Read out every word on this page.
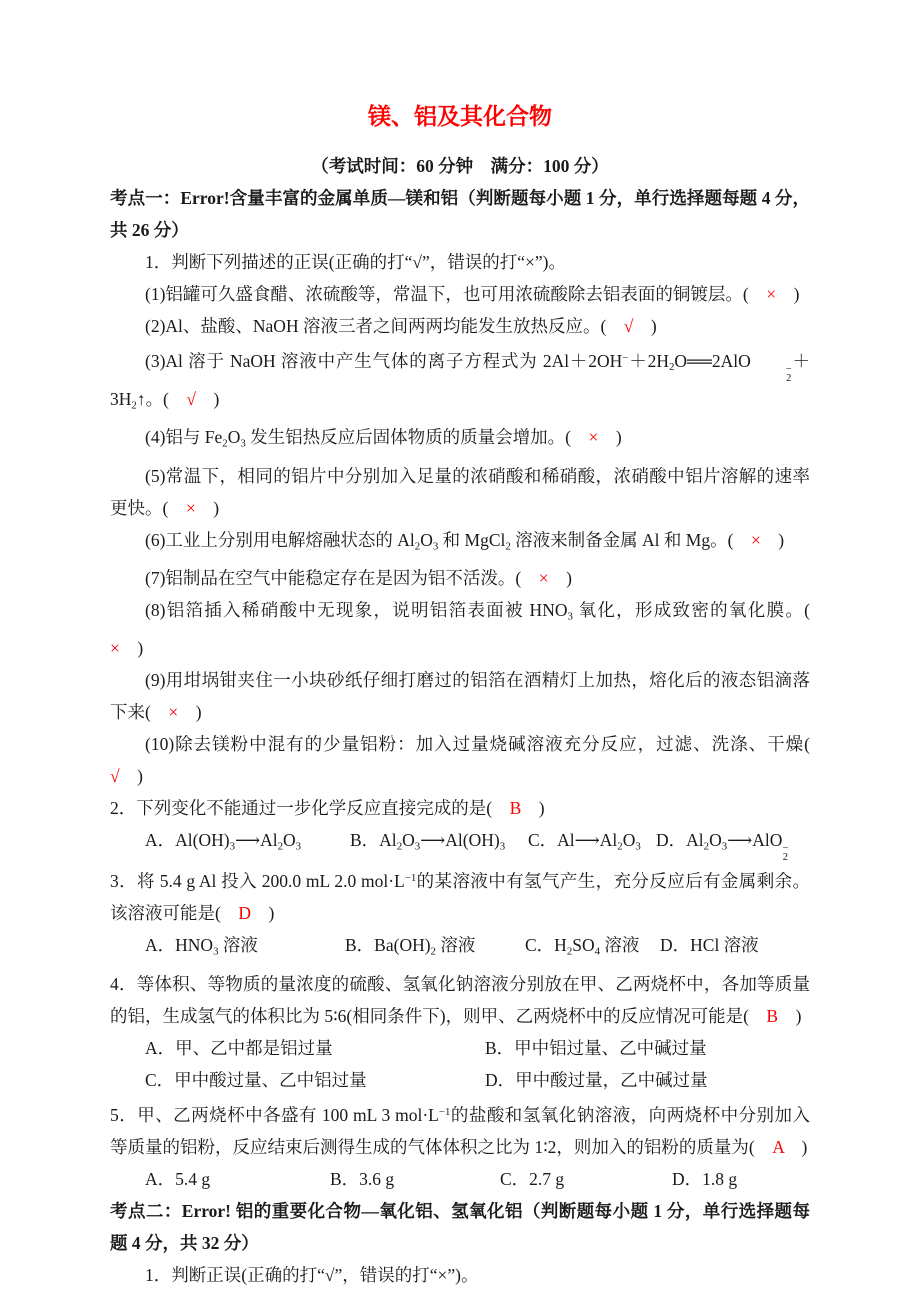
镁、铝及其化合物

（考试时间：60 分钟　满分：100 分）

考点一：Error!含量丰富的金属单质—镁和铝（判断题每小题 1 分，单行选择题每题 4 分，共 26 分）

1．判断下列描述的正误(正确的打“√”，错误的打“×”)。

(1)铝罐可久盛食醋、浓硫酸等，常温下，也可用浓硫酸除去铝表面的铜镀层。(　×　)

(2)Al、盐酸、NaOH 溶液三者之间两两均能发生放热反应。(　√　)

(3)Al 溶于 NaOH 溶液中产生气体的离子方程式为 $2Al+2OH^-+2H_2O══2AlO$	−
2
$+3H_2↑$。(　√　)

(4)铝与 $Fe_2O_3$ 发生铝热反应后固体物质的质量会增加。(　×　)

(5)常温下，相同的铝片中分别加入足量的浓硝酸和稀硝酸，浓硝酸中铝片溶解的速率更快。(　×　)

(6)工业上分别用电解熔融状态的 $Al_2O_3$ 和 MgCl$_2$ 溶液来制备金属 Al 和 Mg。(　×　)

(7)铝制品在空气中能稳定存在是因为铝不活泼。(　×　)

(8)铝箔插入稀硝酸中无现象，说明铝箔表面被 $HNO_3$ 氧化，形成致密的氧化膜。(　×　)

(9)用坩埚钳夹住一小块砂纸仔细打磨过的铝箔在酒精灯上加热，熔化后的液态铝滴落下来(　×　)

(10)除去镁粉中混有的少量铝粉：加入过量烧碱溶液充分反应，过滤、洗涤、干燥(　√　)

2．下列变化不能通过一步化学反应直接完成的是(　B　)

A．$Al(OH)_3⟶Al_2O_3$	B．$Al_2O_3⟶Al(OH)_3$	C．$Al⟶Al_2O_3$ D．$Al_2O_3⟶AlO$ −
2

3．将 5.4 g Al 投入 200.0 mL 2.0 $mol\cdot L^{-1}$的某溶液中有氢气产生，充分反应后有金属剩余。该溶液可能是(　D　)

A．$HNO_3$ 溶液	B．$Ba(OH)_2$ 溶液	C．$H_2SO_4$ 溶液	D．HCl 溶液

4．等体积、等物质的量浓度的硫酸、氢氧化钠溶液分别放在甲、乙两烧杯中，各加等质量的铝，生成氢气的体积比为 5∶6(相同条件下)，则甲、乙两烧杯中的反应情况可能是(　B　)

A．甲、乙中都是铝过量	B．甲中铝过量、乙中碱过量

C．甲中酸过量、乙中铝过量	D．甲中酸过量，乙中碱过量

5．甲、乙两烧杯中各盛有 100 mL 3 $mol\cdot L^{-1}$的盐酸和氢氧化钠溶液，向两烧杯中分别加入等质量的铝粉，反应结束后测得生成的气体体积之比为 1∶2，则加入的铝粉的质量为(　A　)

A．5.4 g	B．3.6 g	C．2.7 g	D．1.8 g

考点二：Error! 铝的重要化合物—氧化铝、氢氧化铝（判断题每小题 1 分，单行选择题每题 4 分，共 32 分）

1．判断正误(正确的打“√”，错误的打“×”)。
